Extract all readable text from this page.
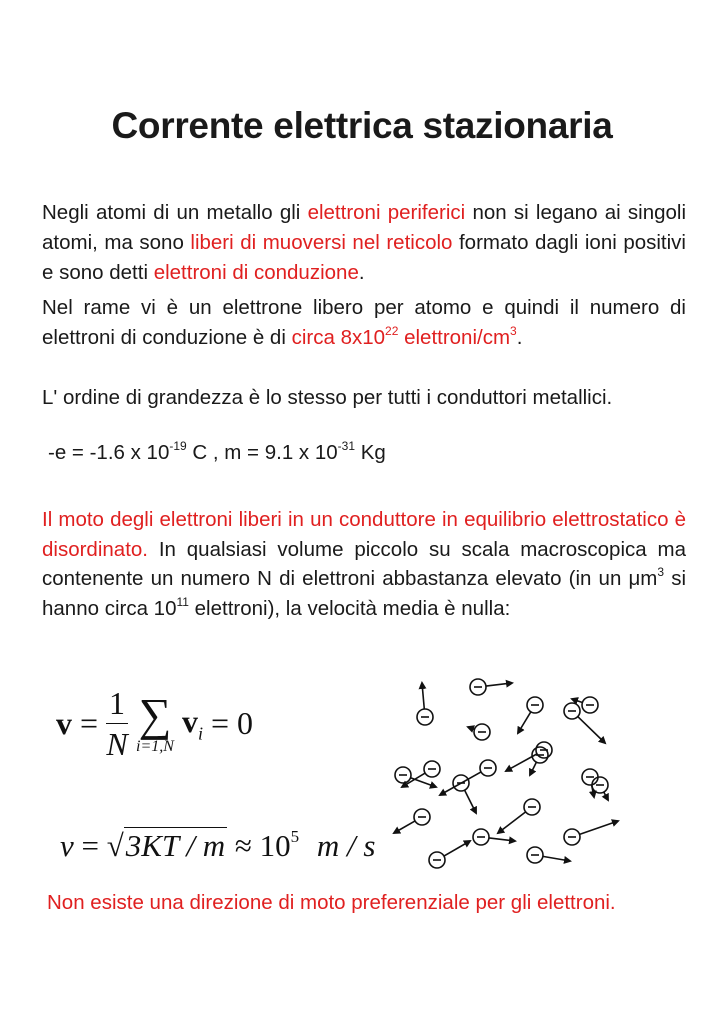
Corrente elettrica stazionaria

Negli atomi di un metallo gli elettroni periferici non si legano ai singoli atomi, ma sono liberi di muoversi nel reticolo formato dagli ioni positivi e sono detti elettroni di conduzione.

Nel rame vi è un elettrone libero per atomo e quindi il numero di elettroni di conduzione è di circa $8x10^{22}$ elettroni/$cm^3$.

L' ordine di grandezza è lo stesso per tutti i conduttori metallici.

-e = -1.6 x $10^{-19}$ C , m = 9.1 x $10^{-31}$ Kg

Il moto degli elettroni liberi in un conduttore in equilibrio elettrostatico è disordinato. In qualsiasi volume piccolo su scala macroscopica ma contenente un numero N di elettroni abbastanza elevato (in un $\mu m^3$ si hanno circa $10^{11}$ elettroni), la velocità media è nulla:

$v = \frac{1}{N}$
∑
i=1,N
$v_i = 0$
$v = √3KT / m \approx 10^5$ m / s

Non esiste una direzione di moto preferenziale per gli elettroni.
